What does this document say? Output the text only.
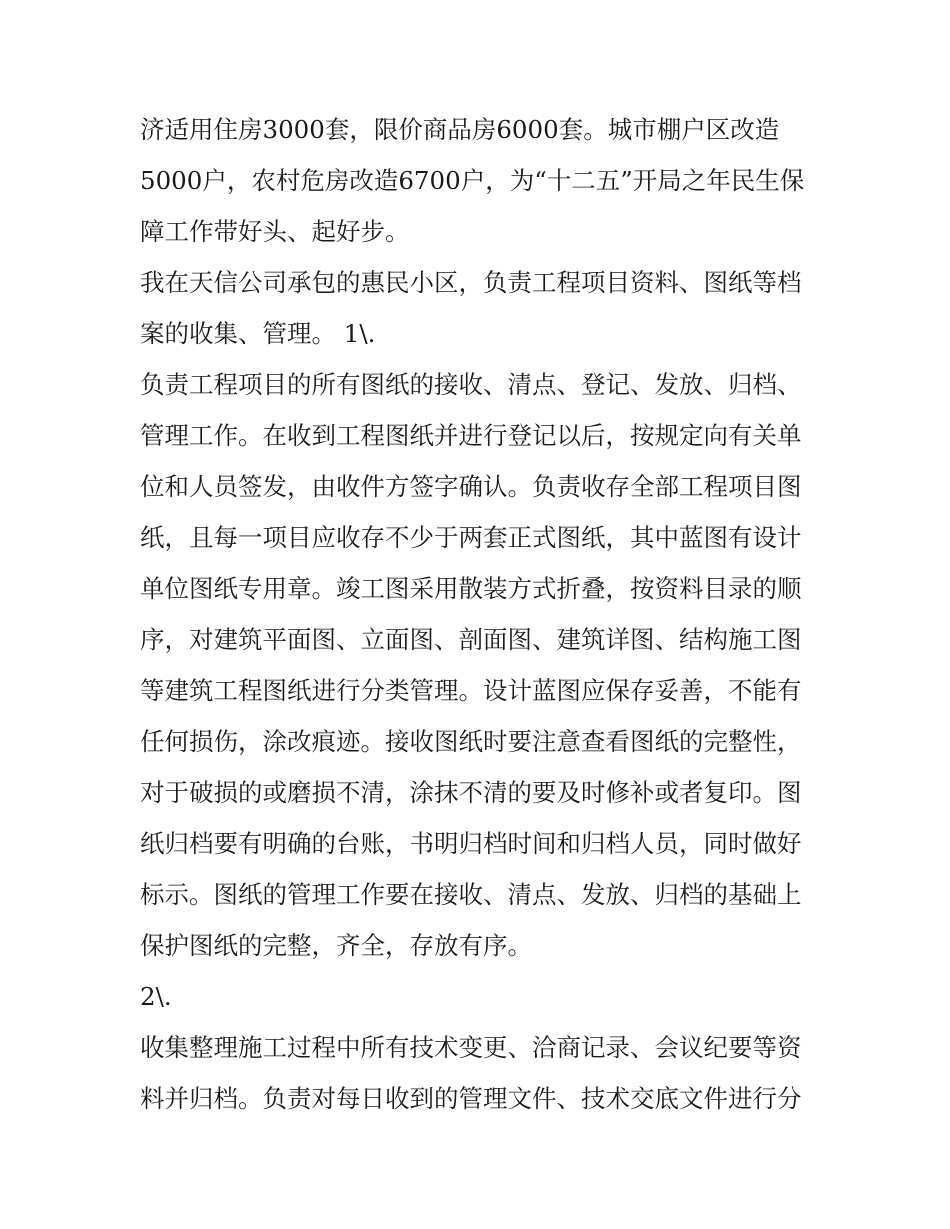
济适用住房3000套，限价商品房6000套。城市棚户区改造
5000户，农村危房改造6700户，为“十二五”开局之年民生保
障工作带好头、起好步。
我在天信公司承包的惠民小区，负责工程项目资料、图纸等档
案的收集、管理。 1\.
负责工程项目的所有图纸的接收、清点、登记、发放、归档、
管理工作。在收到工程图纸并进行登记以后，按规定向有关单
位和人员签发，由收件方签字确认。负责收存全部工程项目图
纸，且每一项目应收存不少于两套正式图纸，其中蓝图有设计
单位图纸专用章。竣工图采用散装方式折叠，按资料目录的顺
序，对建筑平面图、立面图、剖面图、建筑详图、结构施工图
等建筑工程图纸进行分类管理。设计蓝图应保存妥善，不能有
任何损伤，涂改痕迹。接收图纸时要注意查看图纸的完整性，
对于破损的或磨损不清，涂抹不清的要及时修补或者复印。图
纸归档要有明确的台账，书明归档时间和归档人员，同时做好
标示。图纸的管理工作要在接收、清点、发放、归档的基础上
保护图纸的完整，齐全，存放有序。
2\.
收集整理施工过程中所有技术变更、洽商记录、会议纪要等资
料并归档。负责对每日收到的管理文件、技术交底文件进行分
